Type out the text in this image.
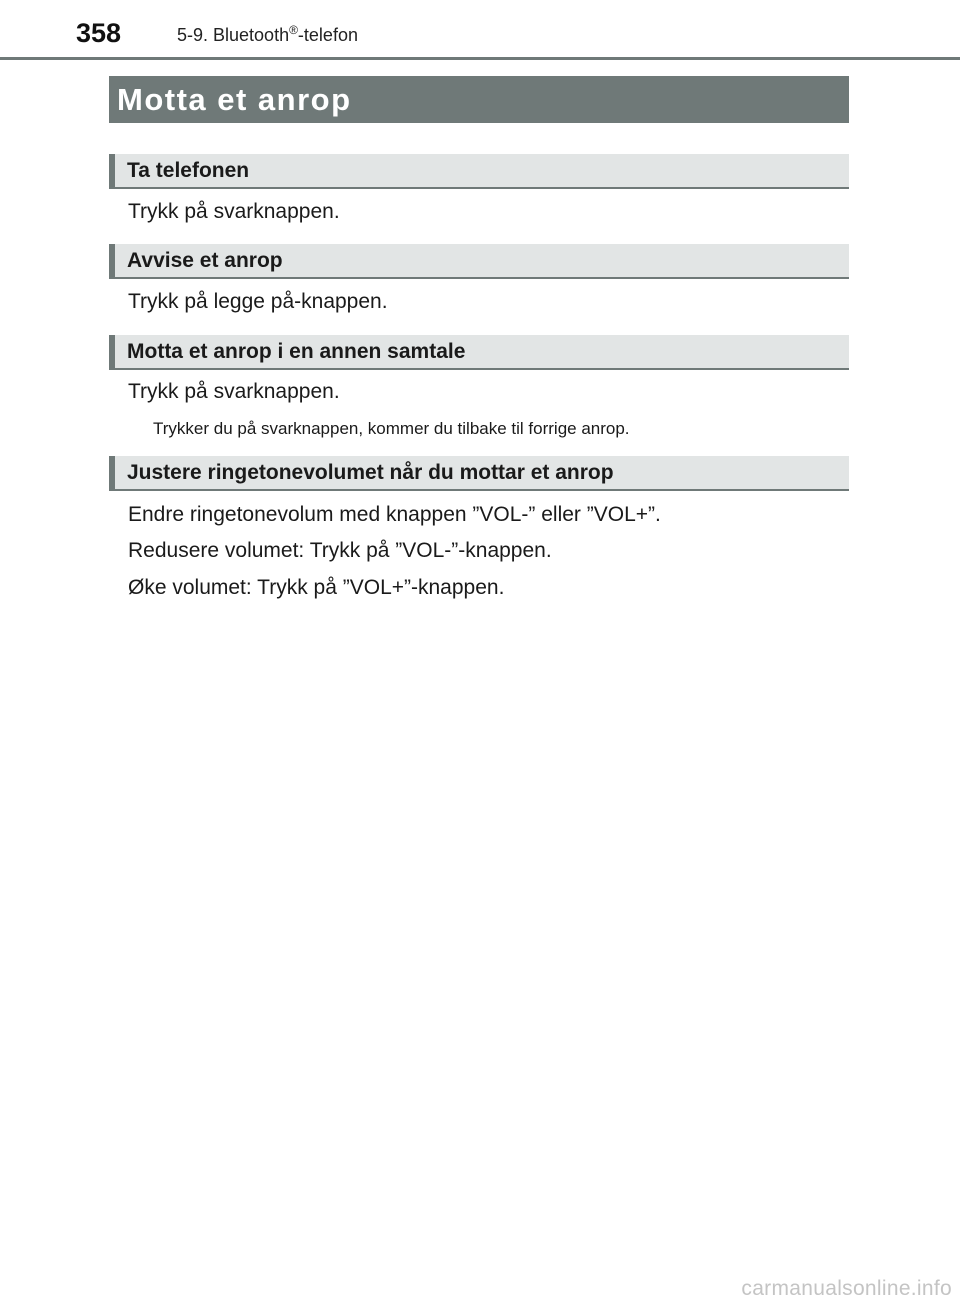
358	5-9. Bluetooth®-telefon
Motta et anrop
Ta telefonen
Trykk på svarknappen.
Avvise et anrop
Trykk på legge på-knappen.
Motta et anrop i en annen samtale
Trykk på svarknappen.
Trykker du på svarknappen, kommer du tilbake til forrige anrop.
Justere ringetonevolumet når du mottar et anrop
Endre ringetonevolum med knappen ”VOL-” eller ”VOL+”.
Redusere volumet: Trykk på ”VOL-”-knappen.
Øke volumet: Trykk på ”VOL+”-knappen.
carmanualsonline.info
